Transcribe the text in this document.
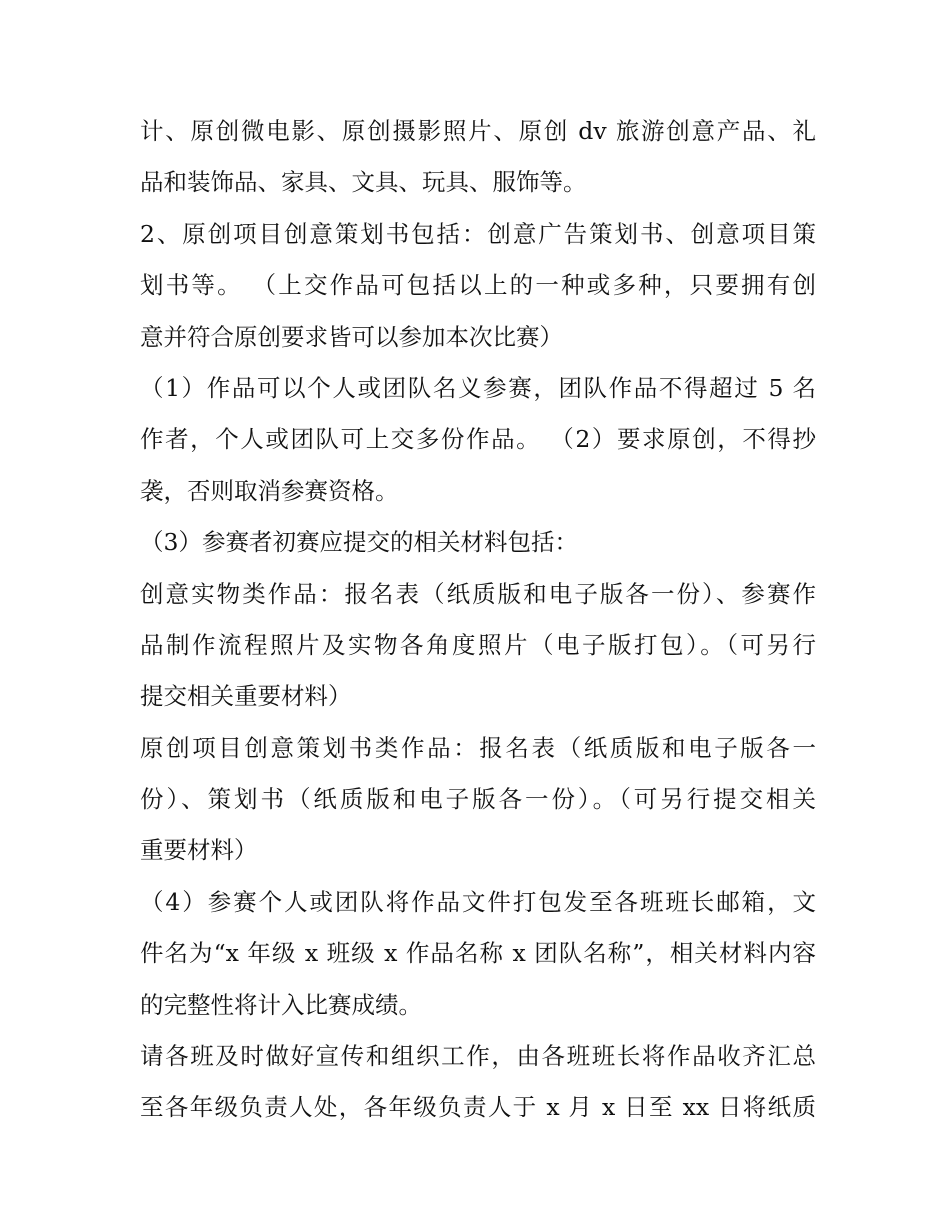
计、原创微电影、原创摄影照片、原创 dv 旅游创意产品、礼
品和装饰品、家具、文具、玩具、服饰等。
2、原创项目创意策划书包括：创意广告策划书、创意项目策
划书等。 （上交作品可包括以上的一种或多种，只要拥有创
意并符合原创要求皆可以参加本次比赛）
（1）作品可以个人或团队名义参赛，团队作品不得超过 5 名
作者，个人或团队可上交多份作品。 （2）要求原创，不得抄
袭，否则取消参赛资格。
（3）参赛者初赛应提交的相关材料包括：
创意实物类作品：报名表（纸质版和电子版各一份）、参赛作
品制作流程照片及实物各角度照片（电子版打包）。（可另行
提交相关重要材料）
原创项目创意策划书类作品：报名表（纸质版和电子版各一
份）、策划书（纸质版和电子版各一份）。（可另行提交相关
重要材料）
（4）参赛个人或团队将作品文件打包发至各班班长邮箱，文
件名为“x 年级 x 班级 x 作品名称 x 团队名称”，相关材料内容
的完整性将计入比赛成绩。
请各班及时做好宣传和组织工作，由各班班长将作品收齐汇总
至各年级负责人处，各年级负责人于 x 月 x 日至 xx 日将纸质
